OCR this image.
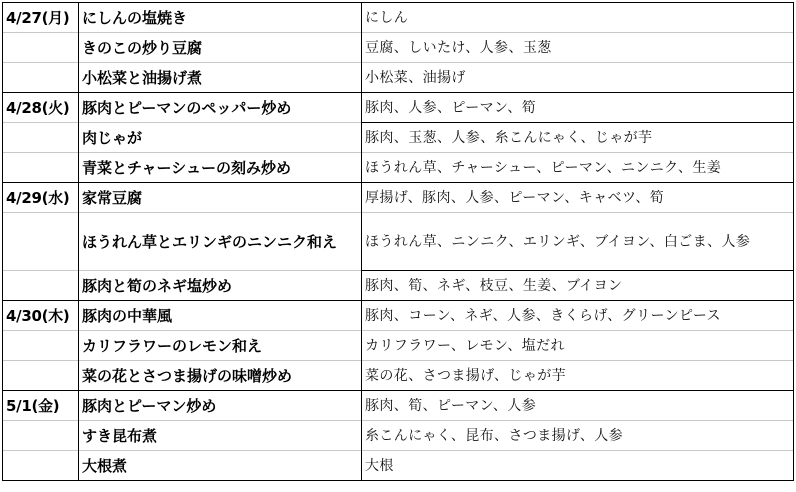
4/27(月)	にしんの塩焼き	にしん
	きのこの炒り豆腐	豆腐、しいたけ、人参、玉葱
	小松菜と油揚げ煮	小松菜、油揚げ
4/28(火)	豚肉とピーマンのペッパー炒め	豚肉、人参、ピーマン、筍
	肉じゃが	豚肉、玉葱、人参、糸こんにゃく、じゃが芋
	青菜とチャーシューの刻み炒め	ほうれん草、チャーシュー、ピーマン、ニンニク、生姜
4/29(水)	家常豆腐	厚揚げ、豚肉、人参、ピーマン、キャベツ、筍
	ほうれん草とエリンギのニンニク和え	ほうれん草、ニンニク、エリンギ、ブイヨン、白ごま、人参
	豚肉と筍のネギ塩炒め	豚肉、筍、ネギ、枝豆、生姜、ブイヨン
4/30(木)	豚肉の中華風	豚肉、コーン、ネギ、人参、きくらげ、グリーンピース
	カリフラワーのレモン和え	カリフラワー、レモン、塩だれ
	菜の花とさつま揚げの味噌炒め	菜の花、さつま揚げ、じゃが芋
5/1(金)	豚肉とピーマン炒め	豚肉、筍、ピーマン、人参
	すき昆布煮	糸こんにゃく、昆布、さつま揚げ、人参
	大根煮	大根
